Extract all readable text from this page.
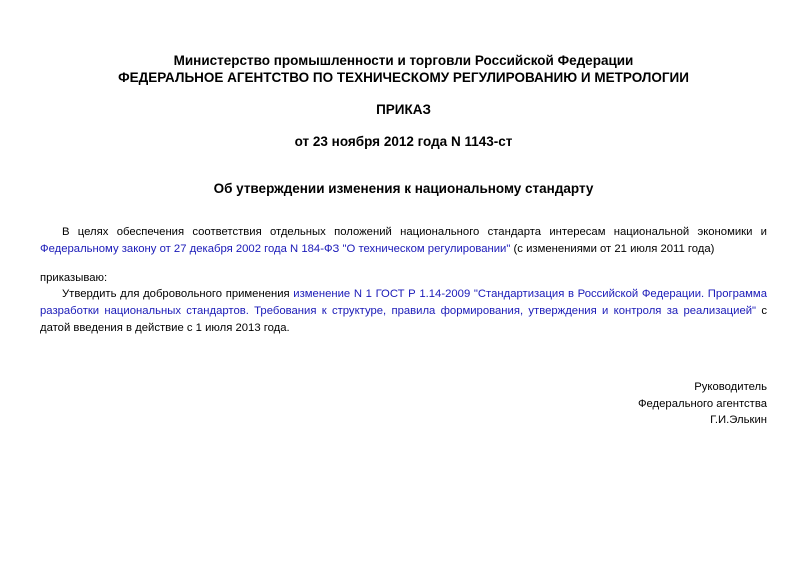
Министерство промышленности и торговли Российской Федерации

ФЕДЕРАЛЬНОЕ АГЕНТСТВО ПО ТЕХНИЧЕСКОМУ РЕГУЛИРОВАНИЮ И МЕТРОЛОГИИ

ПРИКАЗ

от 23 ноября 2012 года N 1143-ст

Об утверждении изменения к национальному стандарту

В целях обеспечения соответствия отдельных положений национального стандарта интересам национальной экономики и Федеральному закону от 27 декабря 2002 года N 184-ФЗ "О техническом регулировании" (с изменениями от 21 июля 2011 года)

приказываю:

Утвердить для добровольного применения изменение N 1 ГОСТ Р 1.14-2009 "Стандартизация в Российской Федерации. Программа разработки национальных стандартов. Требования к структуре, правила формирования, утверждения и контроля за реализацией" с датой введения в действие с 1 июля 2013 года.

Руководитель

Федерального агентства

Г.И.Элькин
